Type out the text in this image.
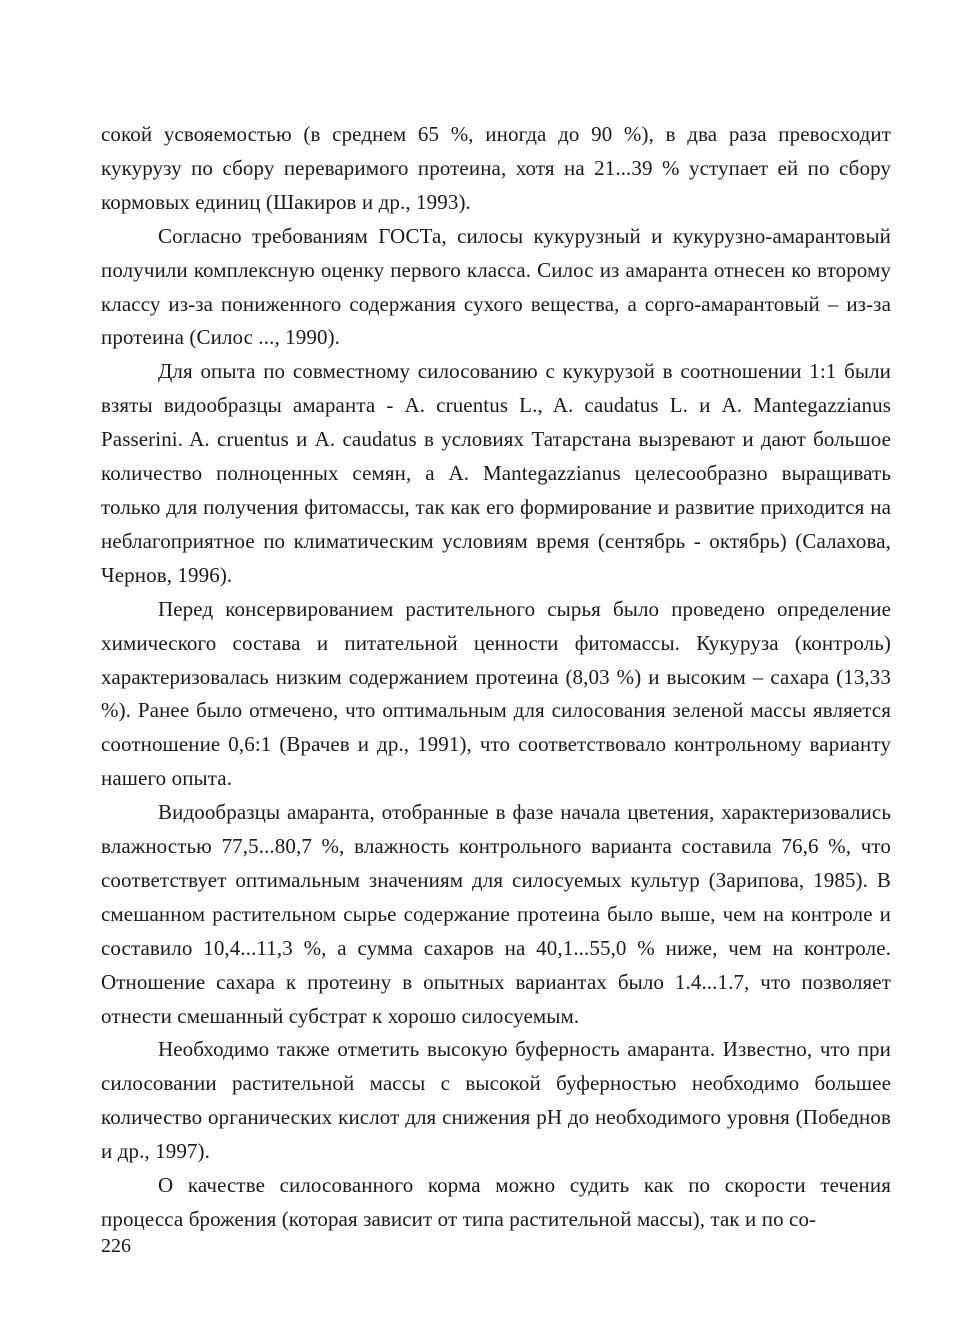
сокой усвояемостью (в среднем 65 %, иногда до 90 %), в два раза превосходит кукурузу по сбору переваримого протеина, хотя на 21...39 % уступает ей по сбору кормовых единиц (Шакиров и др., 1993).

Согласно требованиям ГОСТа, силосы кукурузный и кукурузно-амарантовый получили комплексную оценку первого класса. Силос из амаранта отнесен ко второму классу из-за пониженного содержания сухого вещества, а сорго-амарантовый – из-за протеина (Силос ..., 1990).

Для опыта по совместному силосованию с кукурузой в соотношении 1:1 были взяты видообразцы амаранта - A. cruentus L., A. caudatus L. и A. Mantegazzianus Passerini. A. cruentus и A. caudatus в условиях Татарстана вызревают и дают большое количество полноценных семян, а A. Mantegazzianus целесообразно выращивать только для получения фитомассы, так как его формирование и развитие приходится на неблагоприятное по климатическим условиям время (сентябрь - октябрь) (Салахова, Чернов, 1996).

Перед консервированием растительного сырья было проведено определение химического состава и питательной ценности фитомассы. Кукуруза (контроль) характеризовалась низким содержанием протеина (8,03 %) и высоким – сахара (13,33 %). Ранее было отмечено, что оптимальным для силосования зеленой массы является соотношение 0,6:1 (Врачев и др., 1991), что соответствовало контрольному варианту нашего опыта.

Видообразцы амаранта, отобранные в фазе начала цветения, характеризовались влажностью 77,5...80,7 %, влажность контрольного варианта составила 76,6 %, что соответствует оптимальным значениям для силосуемых культур (Зарипова, 1985). В смешанном растительном сырье содержание протеина было выше, чем на контроле и составило 10,4...11,3 %, а сумма сахаров на 40,1...55,0 % ниже, чем на контроле. Отношение сахара к протеину в опытных вариантах было 1.4...1.7, что позволяет отнести смешанный субстрат к хорошо силосуемым.

Необходимо также отметить высокую буферность амаранта. Известно, что при силосовании растительной массы с высокой буферностью необходимо большее количество органических кислот для снижения pH до необходимого уровня (Победнов и др., 1997).

О качестве силосованного корма можно судить как по скорости течения процесса брожения (которая зависит от типа растительной массы), так и по со-

226
